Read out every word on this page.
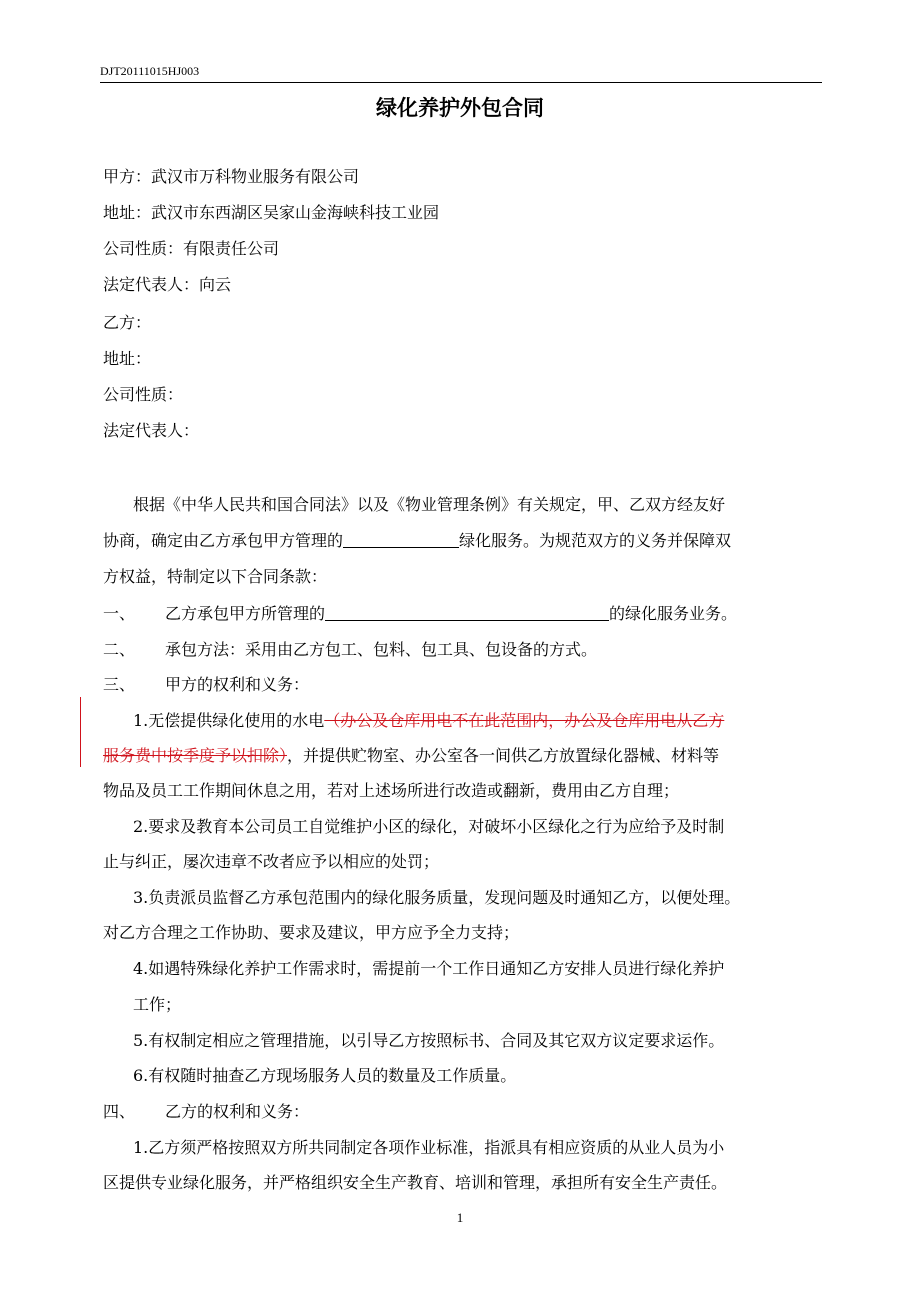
DJT20111015HJ003
绿化养护外包合同
甲方：武汉市万科物业服务有限公司
地址：武汉市东西湖区吴家山金海峡科技工业园
公司性质：有限责任公司
法定代表人：向云
乙方：
地址：
公司性质：
法定代表人：
根据《中华人民共和国合同法》以及《物业管理条例》有关规定，甲、乙双方经友好
协商，确定由乙方承包甲方管理的	绿化服务。为规范双方的义务并保障双
方权益，特制定以下合同条款：
一、 乙方承包甲方所管理的	的绿化服务业务。
二、 承包方法：采用由乙方包工、包料、包工具、包设备的方式。
三、 甲方的权利和义务：
1.无偿提供绿化使用的水电（办公及仓库用电不在此范围内，办公及仓库用电从乙方
服务费中按季度予以扣除），并提供贮物室、办公室各一间供乙方放置绿化器械、材料等
物品及员工工作期间休息之用，若对上述场所进行改造或翻新，费用由乙方自理；
2.要求及教育本公司员工自觉维护小区的绿化，对破坏小区绿化之行为应给予及时制
止与纠正，屡次违章不改者应予以相应的处罚；
3.负责派员监督乙方承包范围内的绿化服务质量，发现问题及时通知乙方，以便处理。
对乙方合理之工作协助、要求及建议，甲方应予全力支持；
4.如遇特殊绿化养护工作需求时，需提前一个工作日通知乙方安排人员进行绿化养护
工作；
5.有权制定相应之管理措施，以引导乙方按照标书、合同及其它双方议定要求运作。
6.有权随时抽查乙方现场服务人员的数量及工作质量。
四、 乙方的权利和义务：
1.乙方须严格按照双方所共同制定各项作业标准，指派具有相应资质的从业人员为小
区提供专业绿化服务，并严格组织安全生产教育、培训和管理，承担所有安全生产责任。
1
